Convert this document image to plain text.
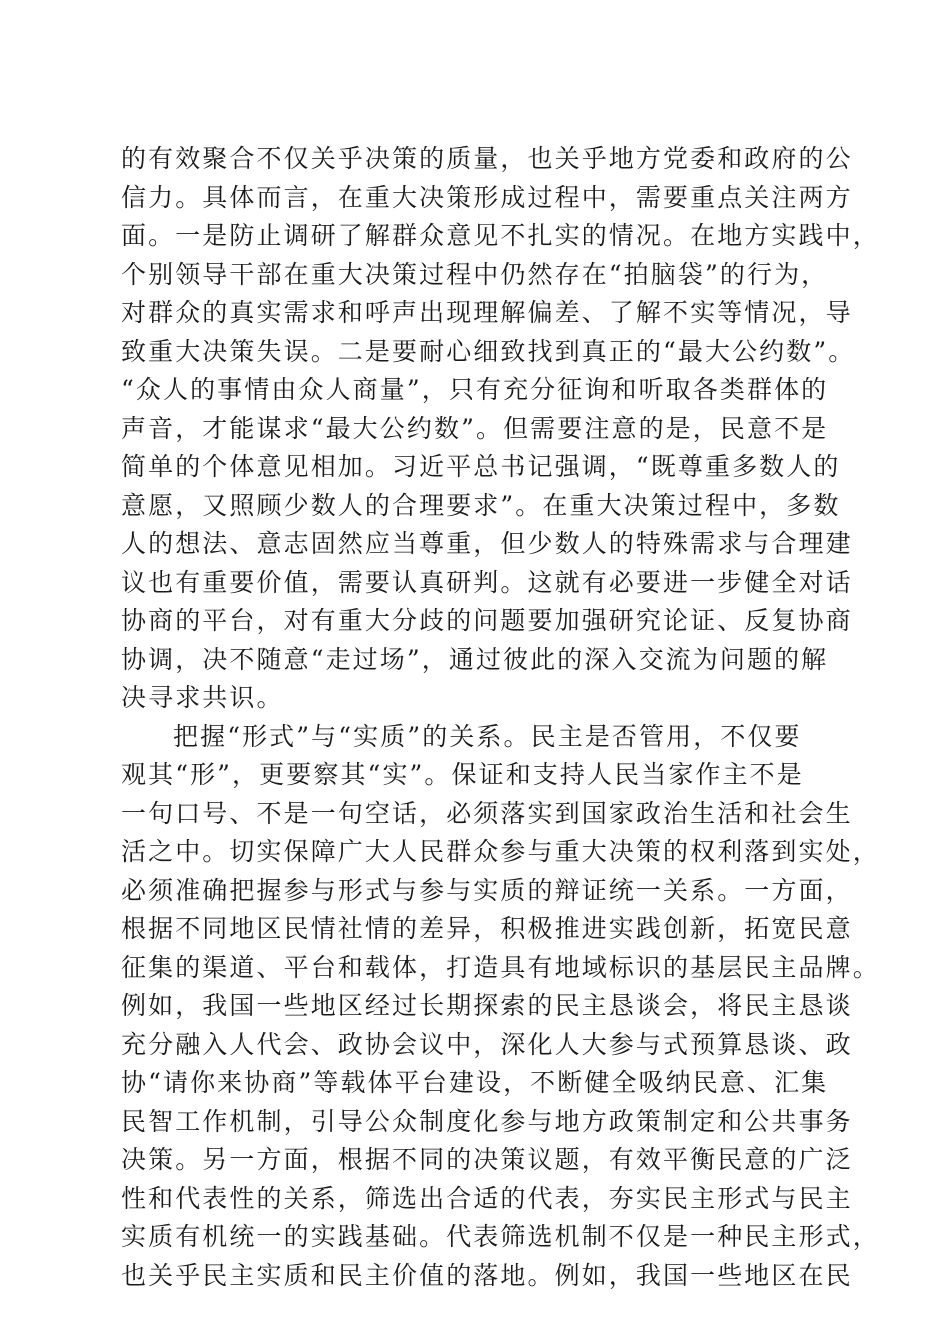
的有效聚合不仅关乎决策的质量，也关乎地方党委和政府的公
信力。具体而言，在重大决策形成过程中，需要重点关注两方
面。一是防止调研了解群众意见不扎实的情况。在地方实践中，
个别领导干部在重大决策过程中仍然存在“拍脑袋”的行为，
对群众的真实需求和呼声出现理解偏差、了解不实等情况，导
致重大决策失误。二是要耐心细致找到真正的“最大公约数”。
“众人的事情由众人商量”，只有充分征询和听取各类群体的
声音，才能谋求“最大公约数”。但需要注意的是，民意不是
简单的个体意见相加。习近平总书记强调，“既尊重多数人的
意愿，又照顾少数人的合理要求”。在重大决策过程中，多数
人的想法、意志固然应当尊重，但少数人的特殊需求与合理建
议也有重要价值，需要认真研判。这就有必要进一步健全对话
协商的平台，对有重大分歧的问题要加强研究论证、反复协商
协调，决不随意“走过场”，通过彼此的深入交流为问题的解
决寻求共识。
把握“形式”与“实质”的关系。民主是否管用，不仅要
观其“形”，更要察其“实”。保证和支持人民当家作主不是
一句口号、不是一句空话，必须落实到国家政治生活和社会生
活之中。切实保障广大人民群众参与重大决策的权利落到实处，
必须准确把握参与形式与参与实质的辩证统一关系。一方面，
根据不同地区民情社情的差异，积极推进实践创新，拓宽民意
征集的渠道、平台和载体，打造具有地域标识的基层民主品牌。
例如，我国一些地区经过长期探索的民主恳谈会，将民主恳谈
充分融入人代会、政协会议中，深化人大参与式预算恳谈、政
协“请你来协商”等载体平台建设，不断健全吸纳民意、汇集
民智工作机制，引导公众制度化参与地方政策制定和公共事务
决策。另一方面，根据不同的决策议题，有效平衡民意的广泛
性和代表性的关系，筛选出合适的代表，夯实民主形式与民主
实质有机统一的实践基础。代表筛选机制不仅是一种民主形式，
也关乎民主实质和民主价值的落地。例如，我国一些地区在民
